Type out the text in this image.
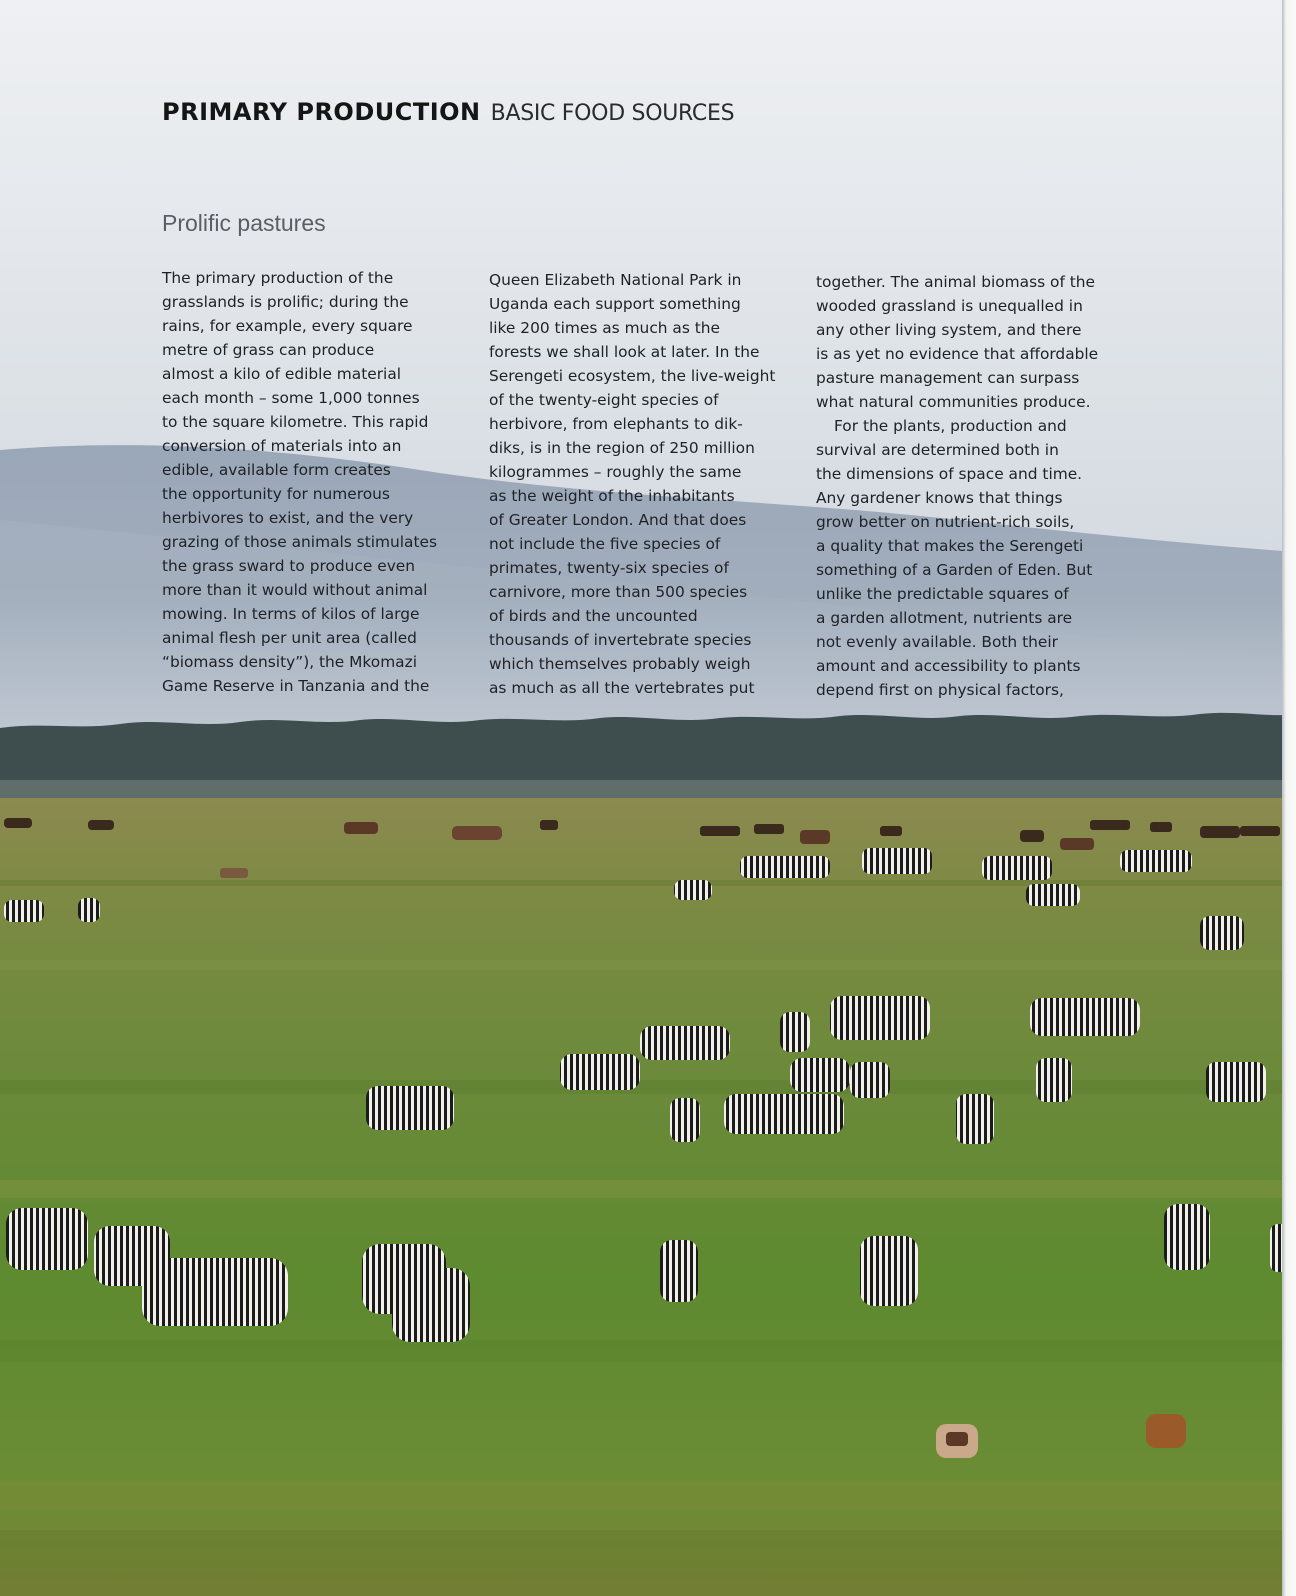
PRIMARY PRODUCTION BASIC FOOD SOURCES
Prolific pastures

The primary production of the
grasslands is prolific; during the
rains, for example, every square
metre of grass can produce
almost a kilo of edible material
each month – some 1,000 tonnes
to the square kilometre. This rapid
conversion of materials into an
edible, available form creates
the opportunity for numerous
herbivores to exist, and the very
grazing of those animals stimulates
the grass sward to produce even
more than it would without animal
mowing. In terms of kilos of large
animal flesh per unit area (called
“biomass density”), the Mkomazi
Game Reserve in Tanzania and the

Queen Elizabeth National Park in
Uganda each support something
like 200 times as much as the
forests we shall look at later. In the
Serengeti ecosystem, the live-weight
of the twenty-eight species of
herbivore, from elephants to dik-
diks, is in the region of 250 million
kilogrammes – roughly the same
as the weight of the inhabitants
of Greater London. And that does
not include the five species of
primates, twenty-six species of
carnivore, more than 500 species
of birds and the uncounted
thousands of invertebrate species
which themselves probably weigh
as much as all the vertebrates put

together. The animal biomass of the
wooded grassland is unequalled in
any other living system, and there
is as yet no evidence that affordable
pasture management can surpass
what natural communities produce.
For the plants, production and
survival are determined both in
the dimensions of space and time.
Any gardener knows that things
grow better on nutrient-rich soils,
a quality that makes the Serengeti
something of a Garden of Eden. But
unlike the predictable squares of
a garden allotment, nutrients are
not evenly available. Both their
amount and accessibility to plants
depend first on physical factors,
